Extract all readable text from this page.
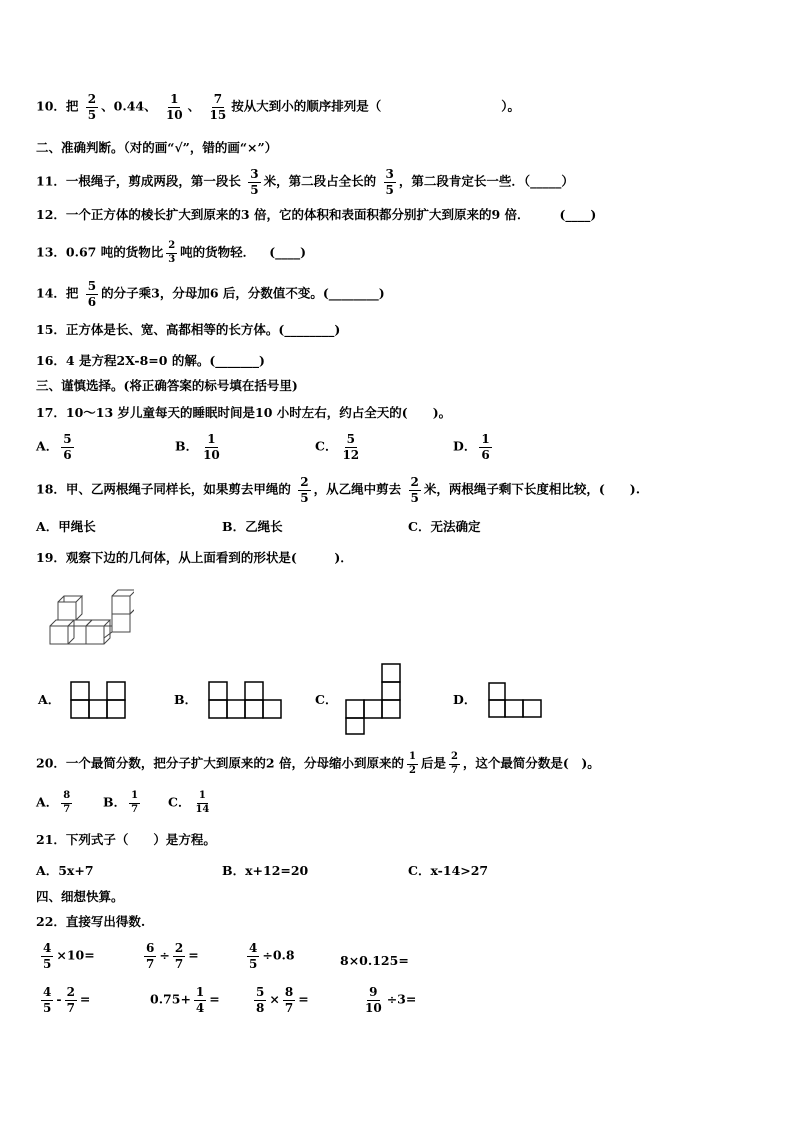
10．把 $\frac{2}{5}$ 、0.44、 $\frac{1}{10}$ 、 $\frac{7}{15}$ 按从大到小的顺序排列是（	）。
二、准确判断。（对的画“√”，错的画“×”）
11．一根绳子，剪成两段，第一段长 $\frac{3}{5}$ 米，第二段占全长的 $\frac{3}{5}$ ，第二段肯定长一些．（_____）
12．一个正方体的棱长扩大到原来的3 倍，它的体积和表面积都分别扩大到原来的9 倍． (____)
13．0.67 吨的货物比 $\frac{2}{3}$ 吨的货物轻． (____)
14．把 $\frac{5}{6}$ 的分子乘3，分母加6 后，分数值不变。(________)
15．正方体是长、宽、高都相等的长方体。(________)
16．4 是方程2X-8=0 的解。(_______)
三、谨慎选择。(将正确答案的标号填在括号里)
17．10～13 岁儿童每天的睡眠时间是10 小时左右，约占全天的(　　)。
A． $\frac{5}{6}$	B． $\frac{1}{10}$	C． $\frac{5}{12}$	D． $\frac{1}{6}$
18．甲、乙两根绳子同样长，如果剪去甲绳的 $\frac{2}{5}$ ，从乙绳中剪去 $\frac{2}{5}$ 米，两根绳子剩下长度相比较，(　　).
A．甲绳长	B．乙绳长	C．无法确定
19．观察下边的几何体，从上面看到的形状是(　　　)．
A．	B．	C．	D．
20．一个最简分数，把分子扩大到原来的2 倍，分母缩小到原来的 $\frac{1}{2}$ 后是 $\frac{2}{7}$ ，这个最简分数是(　)。
A． $\frac{8}{7}$ B． $\frac{1}{7}$ C． $\frac{1}{14}$
21．下列式子（　　）是方程。
A．5x+7	B．x+12=20	C．x-14>27
四、细想快算。
22．直接写出得数.
$\frac{4}{5} \times 10=$	$\frac{6}{7} \div \frac{2}{7}$ =	$\frac{4}{5} \div 0.8$	8×0.125=
$\frac{4}{5} - \frac{2}{7}$ =	$0.75+ \frac{1}{4}$ =	$\frac{5}{8} \times \frac{8}{7}$ =	$\frac{9}{10} \div 3=$
